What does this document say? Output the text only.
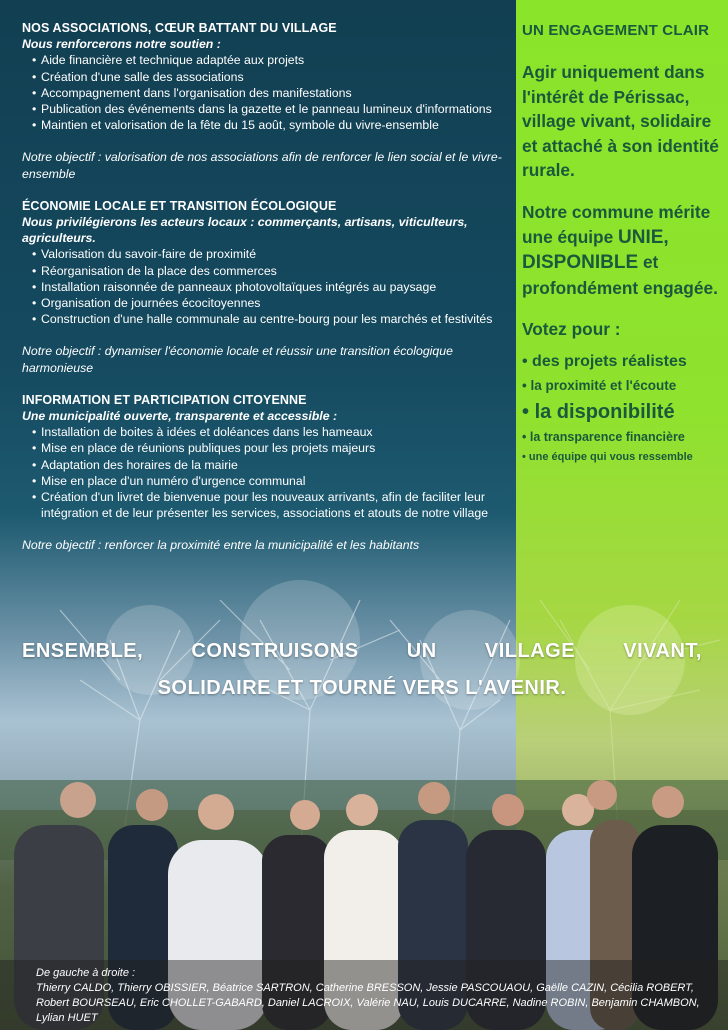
NOS ASSOCIATIONS, CŒUR BATTANT DU VILLAGE
Nous renforcerons notre soutien :
• Aide financière et technique adaptée aux projets
• Création d'une salle des associations
• Accompagnement dans l'organisation des manifestations
• Publication des événements dans la gazette et le panneau lumineux d'informations
• Maintien et valorisation de la fête du 15 août, symbole du vivre-ensemble
Notre objectif : valorisation de nos associations afin de renforcer le lien social et le vivre-ensemble
ÉCONOMIE LOCALE ET TRANSITION ÉCOLOGIQUE
Nous privilégierons les acteurs locaux : commerçants, artisans, viticulteurs, agriculteurs.
• Valorisation du savoir-faire de proximité
• Réorganisation de la place des commerces
• Installation raisonnée de panneaux photovoltaïques intégrés au paysage
• Organisation de journées écocitoyennes
• Construction d'une halle communale au centre-bourg pour les marchés et festivités
Notre objectif : dynamiser l'économie locale et réussir une transition écologique harmonieuse
INFORMATION ET PARTICIPATION CITOYENNE
Une municipalité ouverte, transparente et accessible :
• Installation de boites à idées et doléances dans les hameaux
• Mise en place de réunions publiques pour les projets majeurs
• Adaptation des horaires de la mairie
• Mise en place d'un numéro d'urgence communal
• Création d'un livret de bienvenue pour les nouveaux arrivants, afin de faciliter leur intégration et de leur présenter les services, associations et atouts de notre village
Notre objectif : renforcer la proximité entre la municipalité et les habitants
UN ENGAGEMENT CLAIR
Agir uniquement dans l'intérêt de Périssac, village vivant, solidaire et attaché à son identité rurale.
Notre commune mérite une équipe UNIE, DISPONIBLE et profondément engagée.
Votez pour :
• des projets réalistes
• la proximité et l'écoute
• la disponibilité
• la transparence financière
• une équipe qui vous ressemble
ENSEMBLE, CONSTRUISONS UN VILLAGE VIVANT,
SOLIDAIRE ET TOURNÉ VERS L'AVENIR.
De gauche à droite :
Thierry CALDO, Thierry OBISSIER, Béatrice SARTRON, Catherine BRESSON, Jessie PASCOUAOU, Gaëlle CAZIN, Cécilia ROBERT,
Robert BOURSEAU, Eric CHOLLET-GABARD, Daniel LACROIX, Valérie NAU, Louis DUCARRE, Nadine ROBIN, Benjamin CHAMBON, Lylian HUET
